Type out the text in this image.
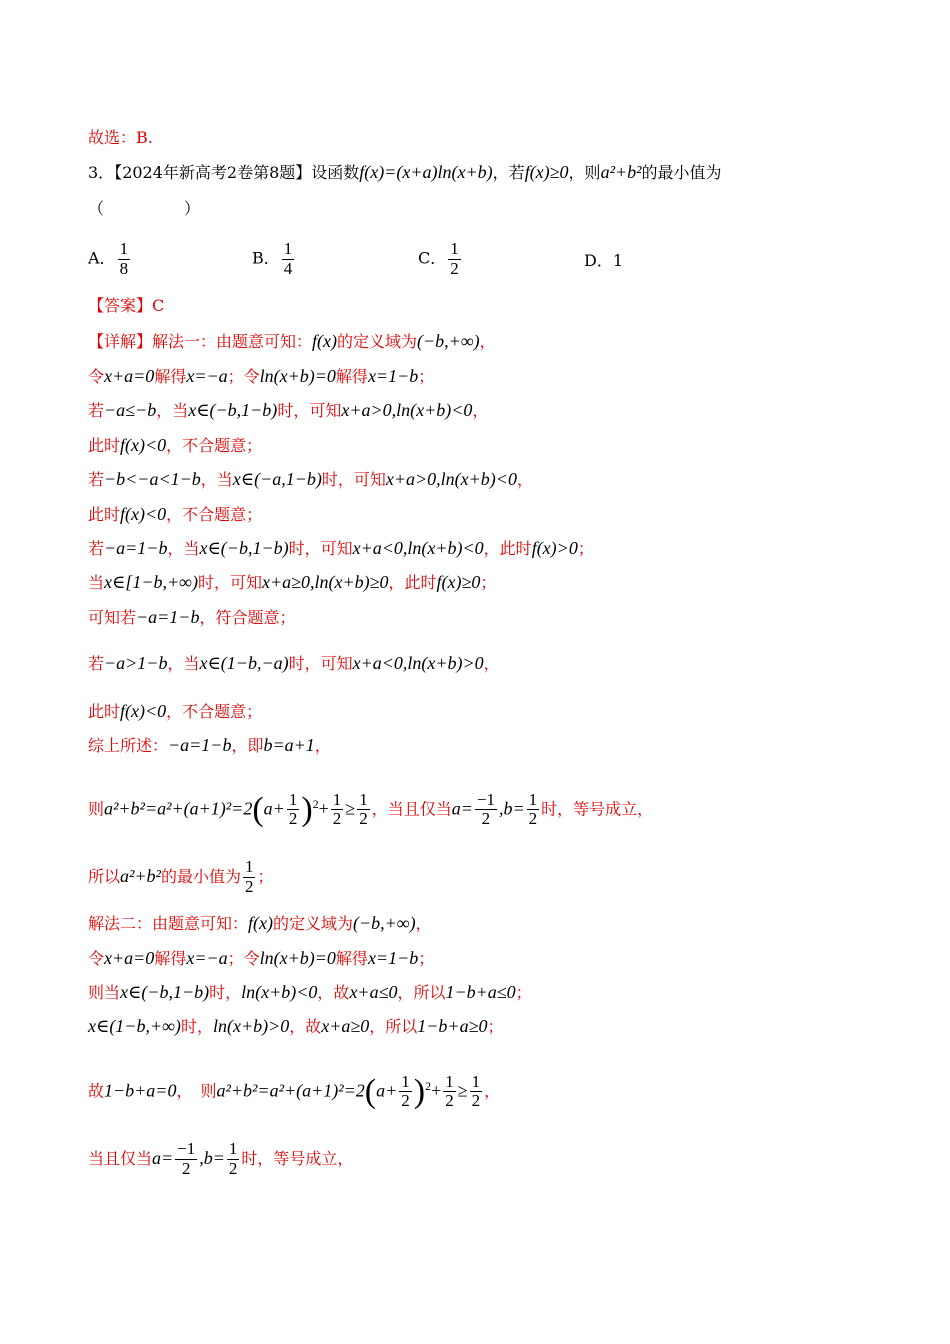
故选：B.
3．【2024年新高考2卷第8题】设函数f(x)=(x+a)ln(x+b)，若f(x)≥0，则a²+b²的最小值为
（　　　　　）
A． $\frac{1}{8}$	B． $\frac{1}{4}$	C． $\frac{1}{2}$	D．1
【答案】C
【详解】解法一：由题意可知：f(x)的定义域为(−b,+∞)，
令x+a=0解得x=−a；令ln(x+b)=0解得x=1−b；
若−a≤−b，当x∈(−b,1−b)时，可知x+a>0,ln(x+b)<0，
此时f(x)<0，不合题意；
若−b<−a<1−b，当x∈(−a,1−b)时，可知x+a>0,ln(x+b)<0，
此时f(x)<0，不合题意；
若−a=1−b，当x∈(−b,1−b)时，可知x+a<0,ln(x+b)<0，此时f(x)>0；
当x∈[1−b,+∞)时，可知x+a≥0,ln(x+b)≥0，此时f(x)≥0；
可知若−a=1−b，符合题意；
若−a>1−b，当x∈(1−b,−a)时，可知x+a<0,ln(x+b)>0，
此时f(x)<0，不合题意；
综上所述：−a=1−b，即b=a+1，
则$a^2+b^2=a^2+(a+1)^2=2(a+ \frac{1}{2} )^2+ \frac{1}{2} \ge \frac{1}{2}$ ，当且仅当$a= \frac{-1}{2} ,b= \frac{1}{2}$ 时，等号成立，
所以a²+b²的最小值为 $\frac{1}{2}$ ；
解法二：由题意可知：f(x)的定义域为(−b,+∞)，
令x+a=0解得x=−a；令ln(x+b)=0解得x=1−b；
则当x∈(−b,1−b)时，ln(x+b)<0，故x+a≤0，所以1−b+a≤0；
x∈(1−b,+∞)时，ln(x+b)>0，故x+a≥0，所以1−b+a≥0；
故1−b+a=0，　则$a^2+b^2=a^2+(a+1)^2=2(a+ \frac{1}{2} )^2+ \frac{1}{2} \ge \frac{1}{2}$ ，
当且仅当$a= \frac{-1}{2} ,b= \frac{1}{2}$ 时，等号成立，
